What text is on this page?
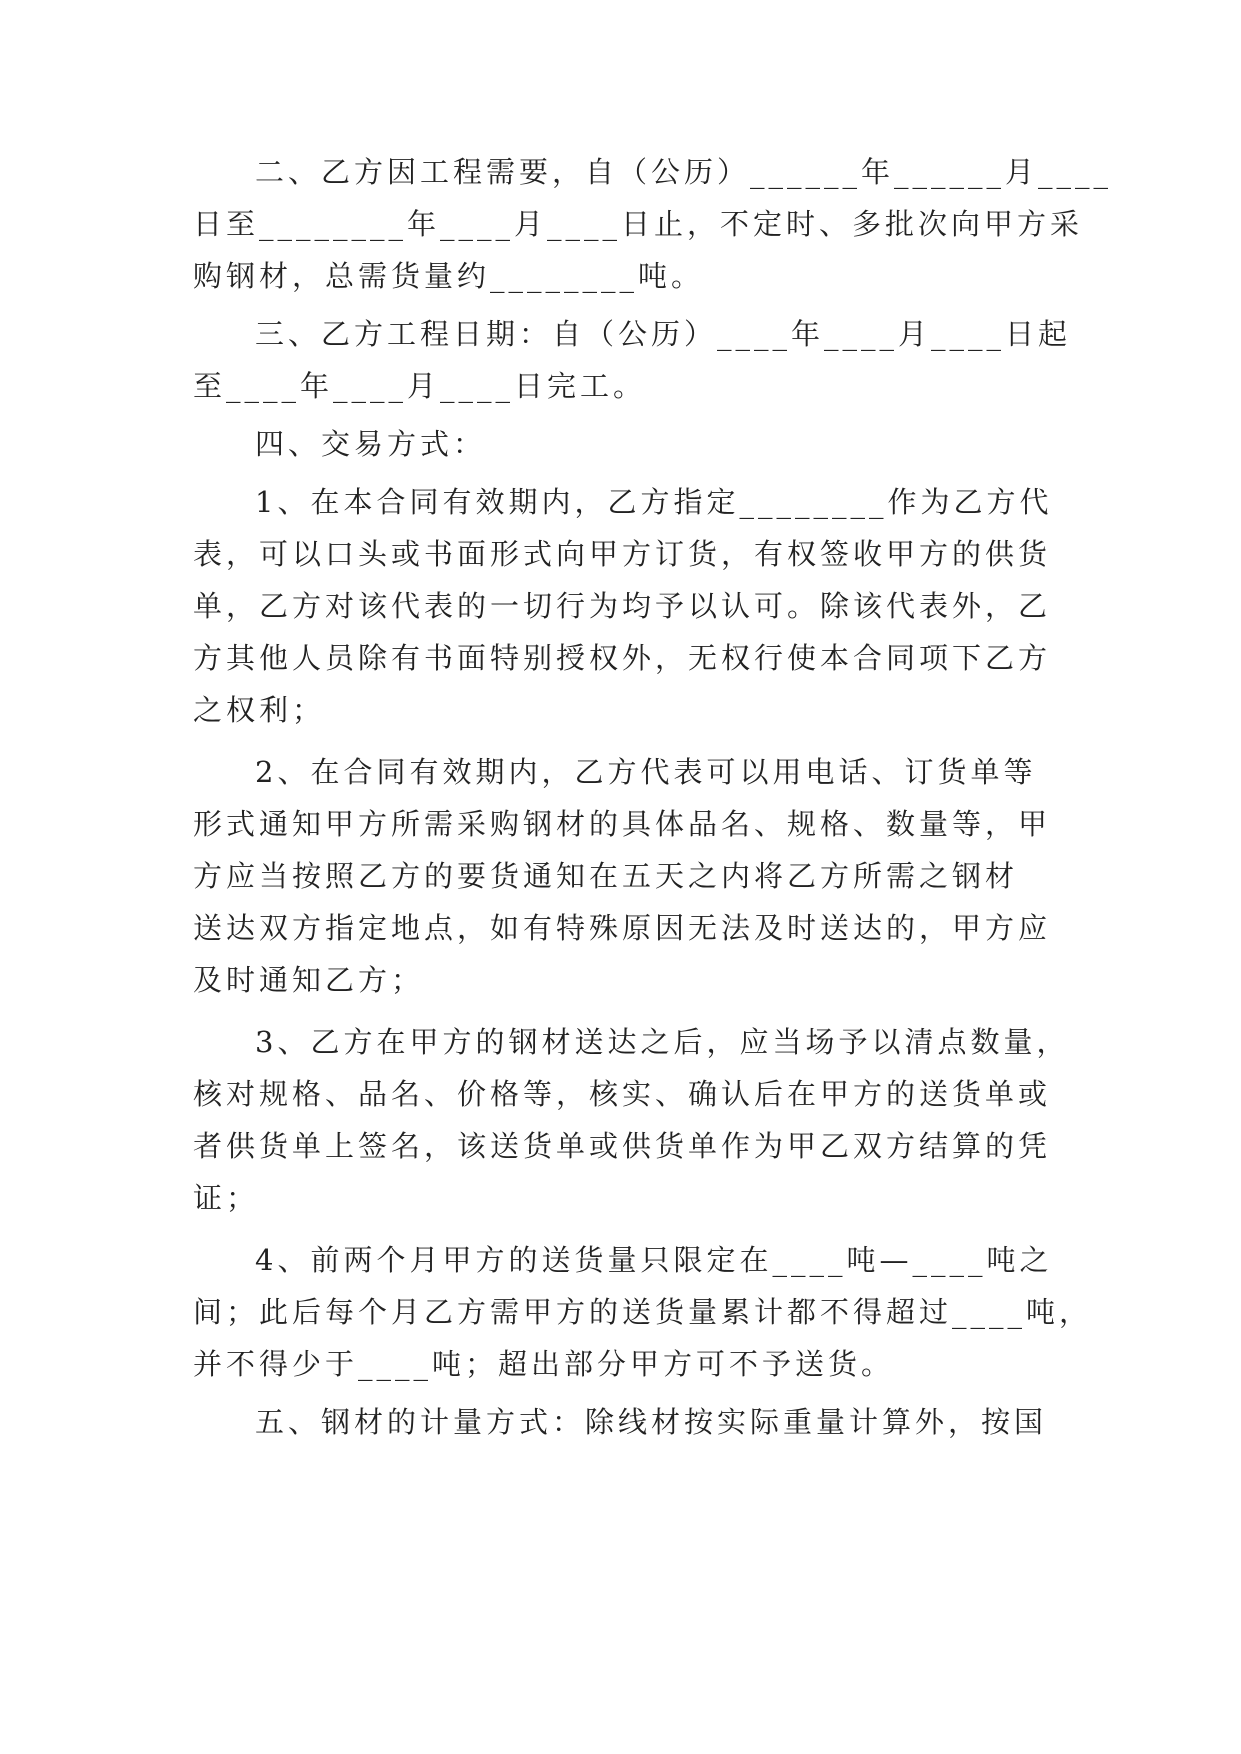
二、乙方因工程需要，自（公历）______年______月____
日至________年____月____日止，不定时、多批次向甲方采
购钢材，总需货量约________吨。

三、乙方工程日期：自（公历）____年____月____日起
至____年____月____日完工。

四、交易方式：

1、在本合同有效期内，乙方指定________作为乙方代
表，可以口头或书面形式向甲方订货，有权签收甲方的供货
单，乙方对该代表的一切行为均予以认可。除该代表外，乙
方其他人员除有书面特别授权外，无权行使本合同项下乙方
之权利；

2、在合同有效期内，乙方代表可以用电话、订货单等
形式通知甲方所需采购钢材的具体品名、规格、数量等，甲
方应当按照乙方的要货通知在五天之内将乙方所需之钢材
送达双方指定地点，如有特殊原因无法及时送达的，甲方应
及时通知乙方；

3、乙方在甲方的钢材送达之后，应当场予以清点数量，
核对规格、品名、价格等，核实、确认后在甲方的送货单或
者供货单上签名，该送货单或供货单作为甲乙双方结算的凭
证；

4、前两个月甲方的送货量只限定在____吨—____吨之
间；此后每个月乙方需甲方的送货量累计都不得超过____吨，
并不得少于____吨；超出部分甲方可不予送货。

五、钢材的计量方式：除线材按实际重量计算外，按国
